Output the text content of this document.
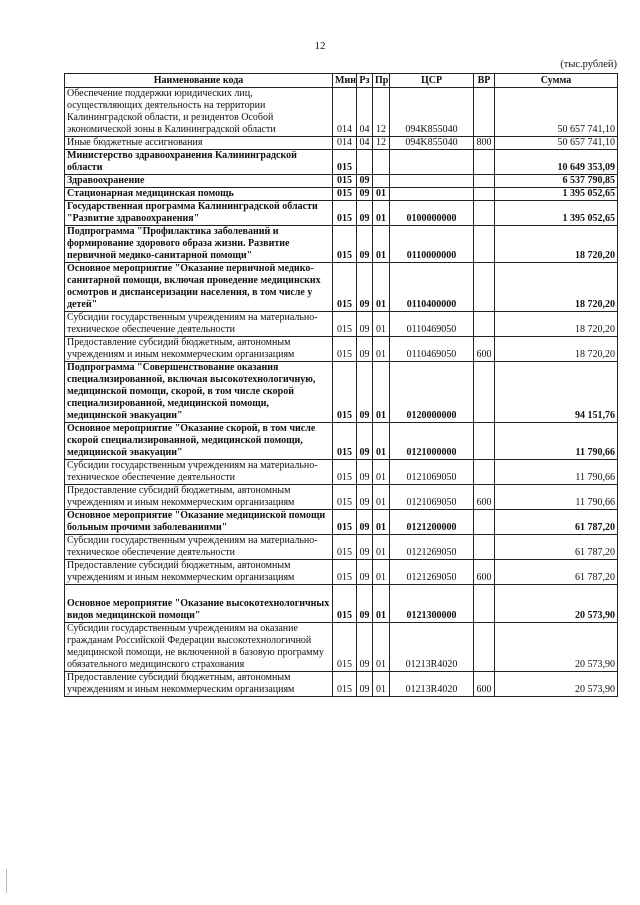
12
(тыс.рублей)
Наименование кода	Мин	Рз	Пр	ЦСР	ВР	Сумма
Обеспечение поддержки юридических лиц, осуществляющих деятельность на территории Калининградской области, и резидентов Особой экономической зоны в Калининградской области	014	04	12	094K855040		50 657 741,10
Иные бюджетные ассигнования	014	04	12	094K855040	800	50 657 741,10
Министерство здравоохранения Калининградской области	015					10 649 353,09
Здравоохранение	015	09				6 537 790,85
Стационарная медицинская помощь	015	09	01			1 395 052,65
Государственная программа Калининградской области "Развитие здравоохранения"	015	09	01	0100000000		1 395 052,65
Подпрограмма "Профилактика заболеваний и формирование здорового образа жизни. Развитие первичной медико-санитарной помощи"	015	09	01	0110000000		18 720,20
Основное мероприятие "Оказание первичной медико-санитарной помощи, включая проведение медицинских осмотров и диспансеризации населения, в том числе у детей"	015	09	01	0110400000		18 720,20
Субсидии государственным учреждениям на материально-техническое обеспечение деятельности	015	09	01	0110469050		18 720,20
Предоставление субсидий бюджетным, автономным учреждениям и иным некоммерческим организациям	015	09	01	0110469050	600	18 720,20
Подпрограмма "Совершенствование оказания специализированной, включая высокотехнологичную, медицинской помощи, скорой, в том числе скорой специализированной, медицинской помощи, медицинской эвакуации"	015	09	01	0120000000		94 151,76
Основное мероприятие "Оказание скорой, в том числе скорой специализированной, медицинской помощи, медицинской эвакуации"	015	09	01	0121000000		11 790,66
Субсидии государственным учреждениям на материально-техническое обеспечение деятельности	015	09	01	0121069050		11 790,66
Предоставление субсидий бюджетным, автономным учреждениям и иным некоммерческим организациям	015	09	01	0121069050	600	11 790,66
Основное мероприятие "Оказание медицинской помощи больным прочими заболеваниями"	015	09	01	0121200000		61 787,20
Субсидии государственным учреждениям на материально-техническое обеспечение деятельности	015	09	01	0121269050		61 787,20
Предоставление субсидий бюджетным, автономным учреждениям и иным некоммерческим организациям	015	09	01	0121269050	600	61 787,20
Основное мероприятие "Оказание высокотехнологичных видов медицинской помощи"	015	09	01	0121300000		20 573,90
Субсидии государственным учреждениям на оказание гражданам Российской Федерации высокотехнологичной медицинской помощи, не включенной в базовую программу обязательного медицинского страхования	015	09	01	01213R4020		20 573,90
Предоставление субсидий бюджетным, автономным учреждениям и иным некоммерческим организациям	015	09	01	01213R4020	600	20 573,90
